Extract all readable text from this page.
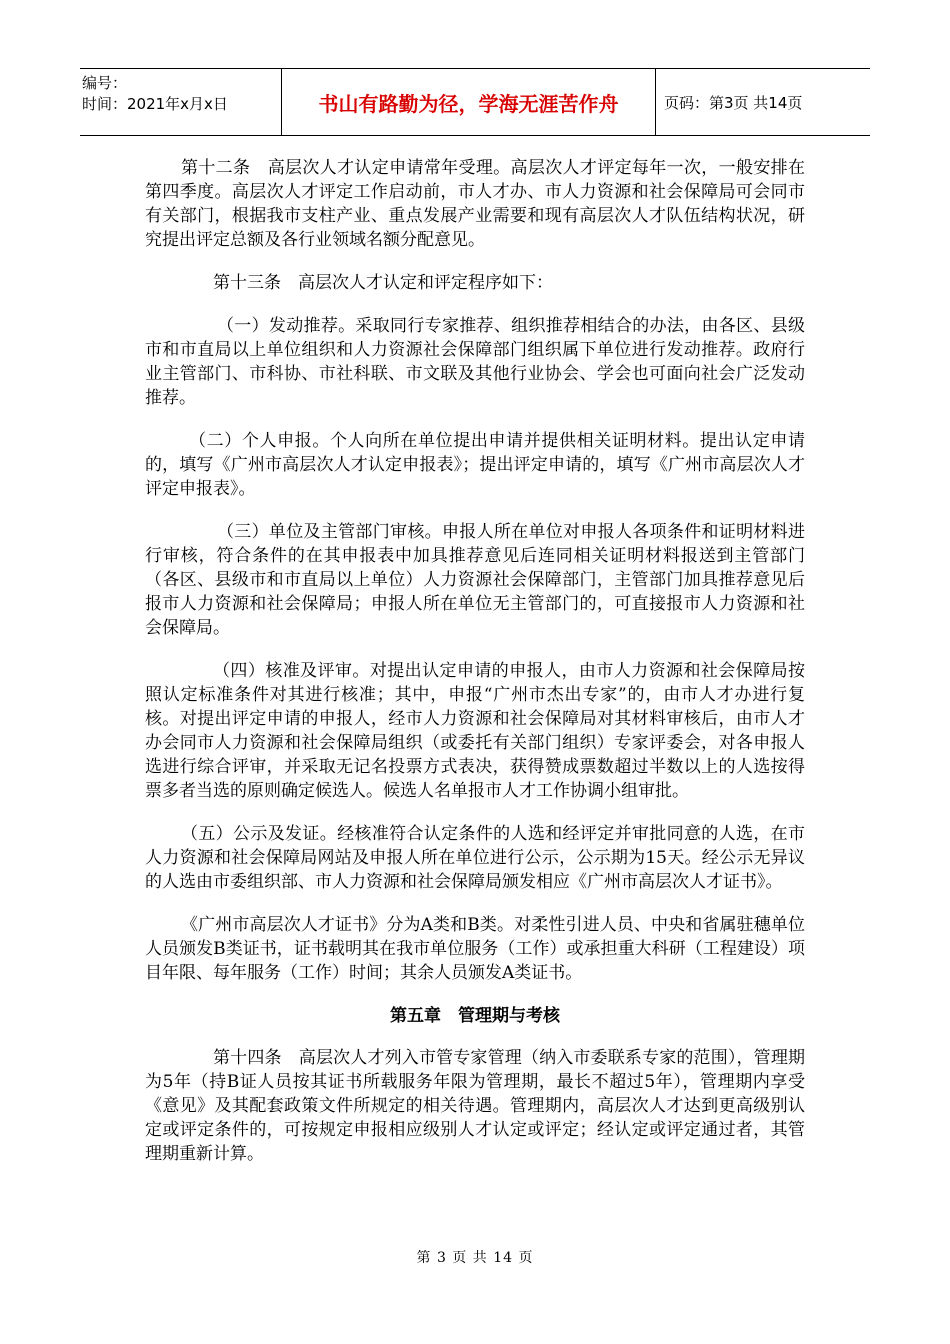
编号：
时间：2021年x月x日	书山有路勤为径，学海无涯苦作舟	页码：第3页 共14页

第十二条　高层次人才认定申请常年受理。高层次人才评定每年一次，一般安排在第四季度。高层次人才评定工作启动前，市人才办、市人力资源和社会保障局可会同市有关部门，根据我市支柱产业、重点发展产业需要和现有高层次人才队伍结构状况，研究提出评定总额及各行业领域名额分配意见。

第十三条　高层次人才认定和评定程序如下：

（一）发动推荐。采取同行专家推荐、组织推荐相结合的办法，由各区、县级市和市直局以上单位组织和人力资源社会保障部门组织属下单位进行发动推荐。政府行业主管部门、市科协、市社科联、市文联及其他行业协会、学会也可面向社会广泛发动推荐。

（二）个人申报。个人向所在单位提出申请并提供相关证明材料。提出认定申请的，填写《广州市高层次人才认定申报表》；提出评定申请的，填写《广州市高层次人才评定申报表》。

（三）单位及主管部门审核。申报人所在单位对申报人各项条件和证明材料进行审核，符合条件的在其申报表中加具推荐意见后连同相关证明材料报送到主管部门（各区、县级市和市直局以上单位）人力资源社会保障部门，主管部门加具推荐意见后报市人力资源和社会保障局；申报人所在单位无主管部门的，可直接报市人力资源和社会保障局。

（四）核准及评审。对提出认定申请的申报人，由市人力资源和社会保障局按照认定标准条件对其进行核准；其中，申报“广州市杰出专家”的，由市人才办进行复核。对提出评定申请的申报人，经市人力资源和社会保障局对其材料审核后，由市人才办会同市人力资源和社会保障局组织（或委托有关部门组织）专家评委会，对各申报人选进行综合评审，并采取无记名投票方式表决，获得赞成票数超过半数以上的人选按得票多者当选的原则确定候选人。候选人名单报市人才工作协调小组审批。

（五）公示及发证。经核准符合认定条件的人选和经评定并审批同意的人选，在市人力资源和社会保障局网站及申报人所在单位进行公示，公示期为15天。经公示无异议的人选由市委组织部、市人力资源和社会保障局颁发相应《广州市高层次人才证书》。

《广州市高层次人才证书》分为A类和B类。对柔性引进人员、中央和省属驻穗单位人员颁发B类证书，证书载明其在我市单位服务（工作）或承担重大科研（工程建设）项目年限、每年服务（工作）时间；其余人员颁发A类证书。

第五章　管理期与考核

第十四条　高层次人才列入市管专家管理（纳入市委联系专家的范围），管理期为5年（持B证人员按其证书所载服务年限为管理期，最长不超过5年），管理期内享受《意见》及其配套政策文件所规定的相关待遇。管理期内，高层次人才达到更高级别认定或评定条件的，可按规定申报相应级别人才认定或评定；经认定或评定通过者，其管理期重新计算。

第 3 页 共 14 页
